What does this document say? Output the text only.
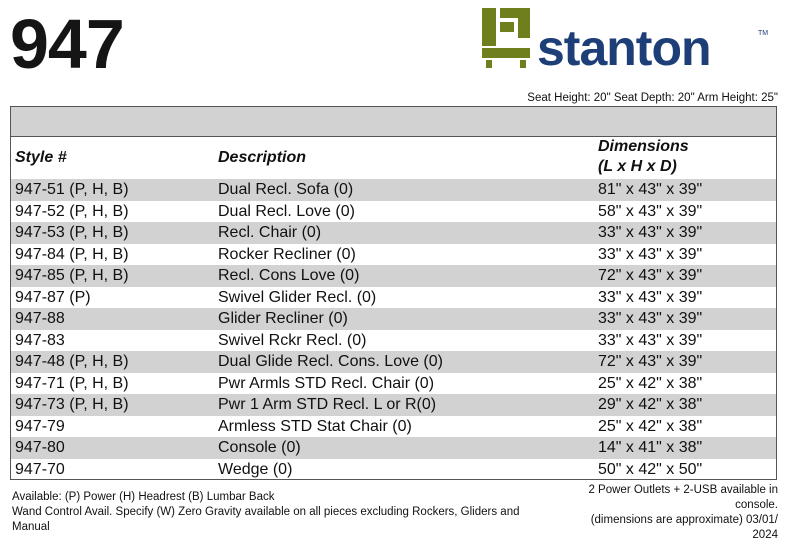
947	stanton	TM
Seat Height: 20" Seat Depth: 20" Arm Height: 25"
Style #	Description
Dimensions
(L x H x D)
947-51 (P, H, B)	Dual Recl. Sofa (0)	81" x 43" x 39"
947-52 (P, H, B)	Dual Recl. Love (0)	58" x 43" x 39"
947-53 (P, H, B)	Recl. Chair (0)	33" x 43" x 39"
947-84 (P, H, B)	Rocker Recliner (0)	33" x 43" x 39"
947-85 (P, H, B)	Recl. Cons Love (0)	72" x 43" x 39"
947-87 (P)	Swivel Glider Recl. (0)	33" x 43" x 39"
947-88	Glider Recliner (0)	33" x 43" x 39"
947-83	Swivel Rckr Recl. (0)	33" x 43" x 39"
947-48 (P, H, B)	Dual Glide Recl. Cons. Love (0)	72" x 43" x 39"
947-71 (P, H, B)	Pwr Armls STD Recl. Chair (0)	25" x 42" x 38"
947-73 (P, H, B)	Pwr 1 Arm STD Recl. L or R(0)	29" x 42" x 38"
947-79	Armless STD Stat Chair (0)	25" x 42" x 38"
947-80	Console (0)	14" x 41" x 38"
947-70	Wedge (0)	50" x 42" x 50"
Available: (P) Power (H) Headrest (B) Lumbar Back
Wand Control Avail. Specify (W) Zero Gravity available on all pieces excluding Rockers, Gliders and Manual
2 Power Outlets + 2-USB available in console.
(dimensions are approximate) 03/01/ 2024
